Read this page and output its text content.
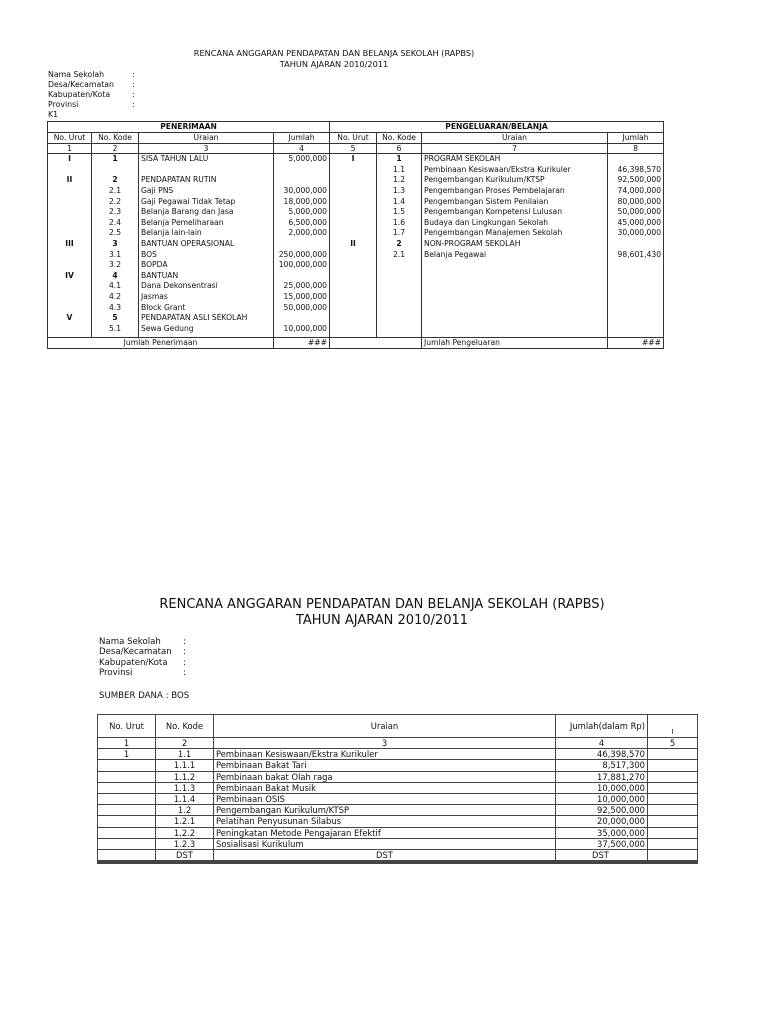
RENCANA ANGGARAN PENDAPATAN DAN BELANJA SEKOLAH (RAPBS)
TAHUN AJARAN 2010/2011
Nama Sekolah	:
Desa/Kecamatan	:
Kabupaten/Kota	:
Provinsi	:
K1
PENERIMAAN				PENGELUARAN/BELANJA			
No. Urut	No. Kode	Uraian	Jumlah	No. Urut	No. Kode	Uraian	Jumlah
1	2	3	4	5	6	7	8
I	1	SISA TAHUN LALU	5,000,000	I	1	PROGRAM SEKOLAH	
					1.1	Pembinaan Kesiswaan/Ekstra Kurikuler	46,398,570
II	2	PENDAPATAN RUTIN			1.2	Pengembangan Kurikulum/KTSP	92,500,000
	2.1	Gaji PNS	30,000,000		1.3	Pengembangan Proses Pembelajaran	74,000,000
	2.2	Gaji Pegawai Tidak Tetap	18,000,000		1.4	Pengembangan Sistem Penilaian	80,000,000
	2.3	Belanja Barang dan Jasa	5,000,000		1.5	Pengembangan Kompetensi Lulusan	50,000,000
	2.4	Belanja Pemeliharaan	6,500,000		1.6	Budaya dan Lingkungan Sekolah	45,000,000
	2.5	Belanja lain-lain	2,000,000		1.7	Pengembangan Manajemen Sekolah	30,000,000

III	3	BANTUAN OPERASIONAL		II	2	NON-PROGRAM SEKOLAH	
	3.1	BOS	250,000,000		2.1	Belanja Pegawai	98,601,430
	3.2	BOPDA	100,000,000				

IV	4	BANTUAN					
	4.1	Dana Dekonsentrasi	25,000,000				
	4.2	Jasmas	15,000,000				
	4.3	Block Grant	50,000,000				

V	5	PENDAPATAN ASLI SEKOLAH					
	5.1	Sewa Gedung	10,000,000				

Jumlah Penerimaan			###			Jumlah Pengeluaran	###
RENCANA ANGGARAN PENDAPATAN DAN BELANJA SEKOLAH (RAPBS)
TAHUN AJARAN 2010/2011
Nama Sekolah	:
Desa/Kecamatan :
Kabupaten/Kota :
Provinsi	:
SUMBER DANA : BOS
No. Urut	No. Kode	Uraian	Jumlah(dalam Rp)	I
1	2	3	4	5
1	1.1	Pembinaan Kesiswaan/Ekstra Kurikuler	46,398,570	
	1.1.1	Pembinaan Bakat Tari	8,517,300	
	1.1.2	Pembinaan bakat Olah raga	17,881,270	
	1.1.3	Pembinaan Bakat Musik	10,000,000	
	1.1.4	Pembinaan OSIS	10,000,000	
	1.2	Pengembangan Kurikulum/KTSP	92,500,000	
	1.2.1	Pelatihan Penyusunan Silabus	20,000,000	
	1.2.2	Peningkatan Metode Pengajaran Efektif	35,000,000	
	1.2.3	Sosialisasi Kurikulum	37,500,000	
	DST	DST	DST	
